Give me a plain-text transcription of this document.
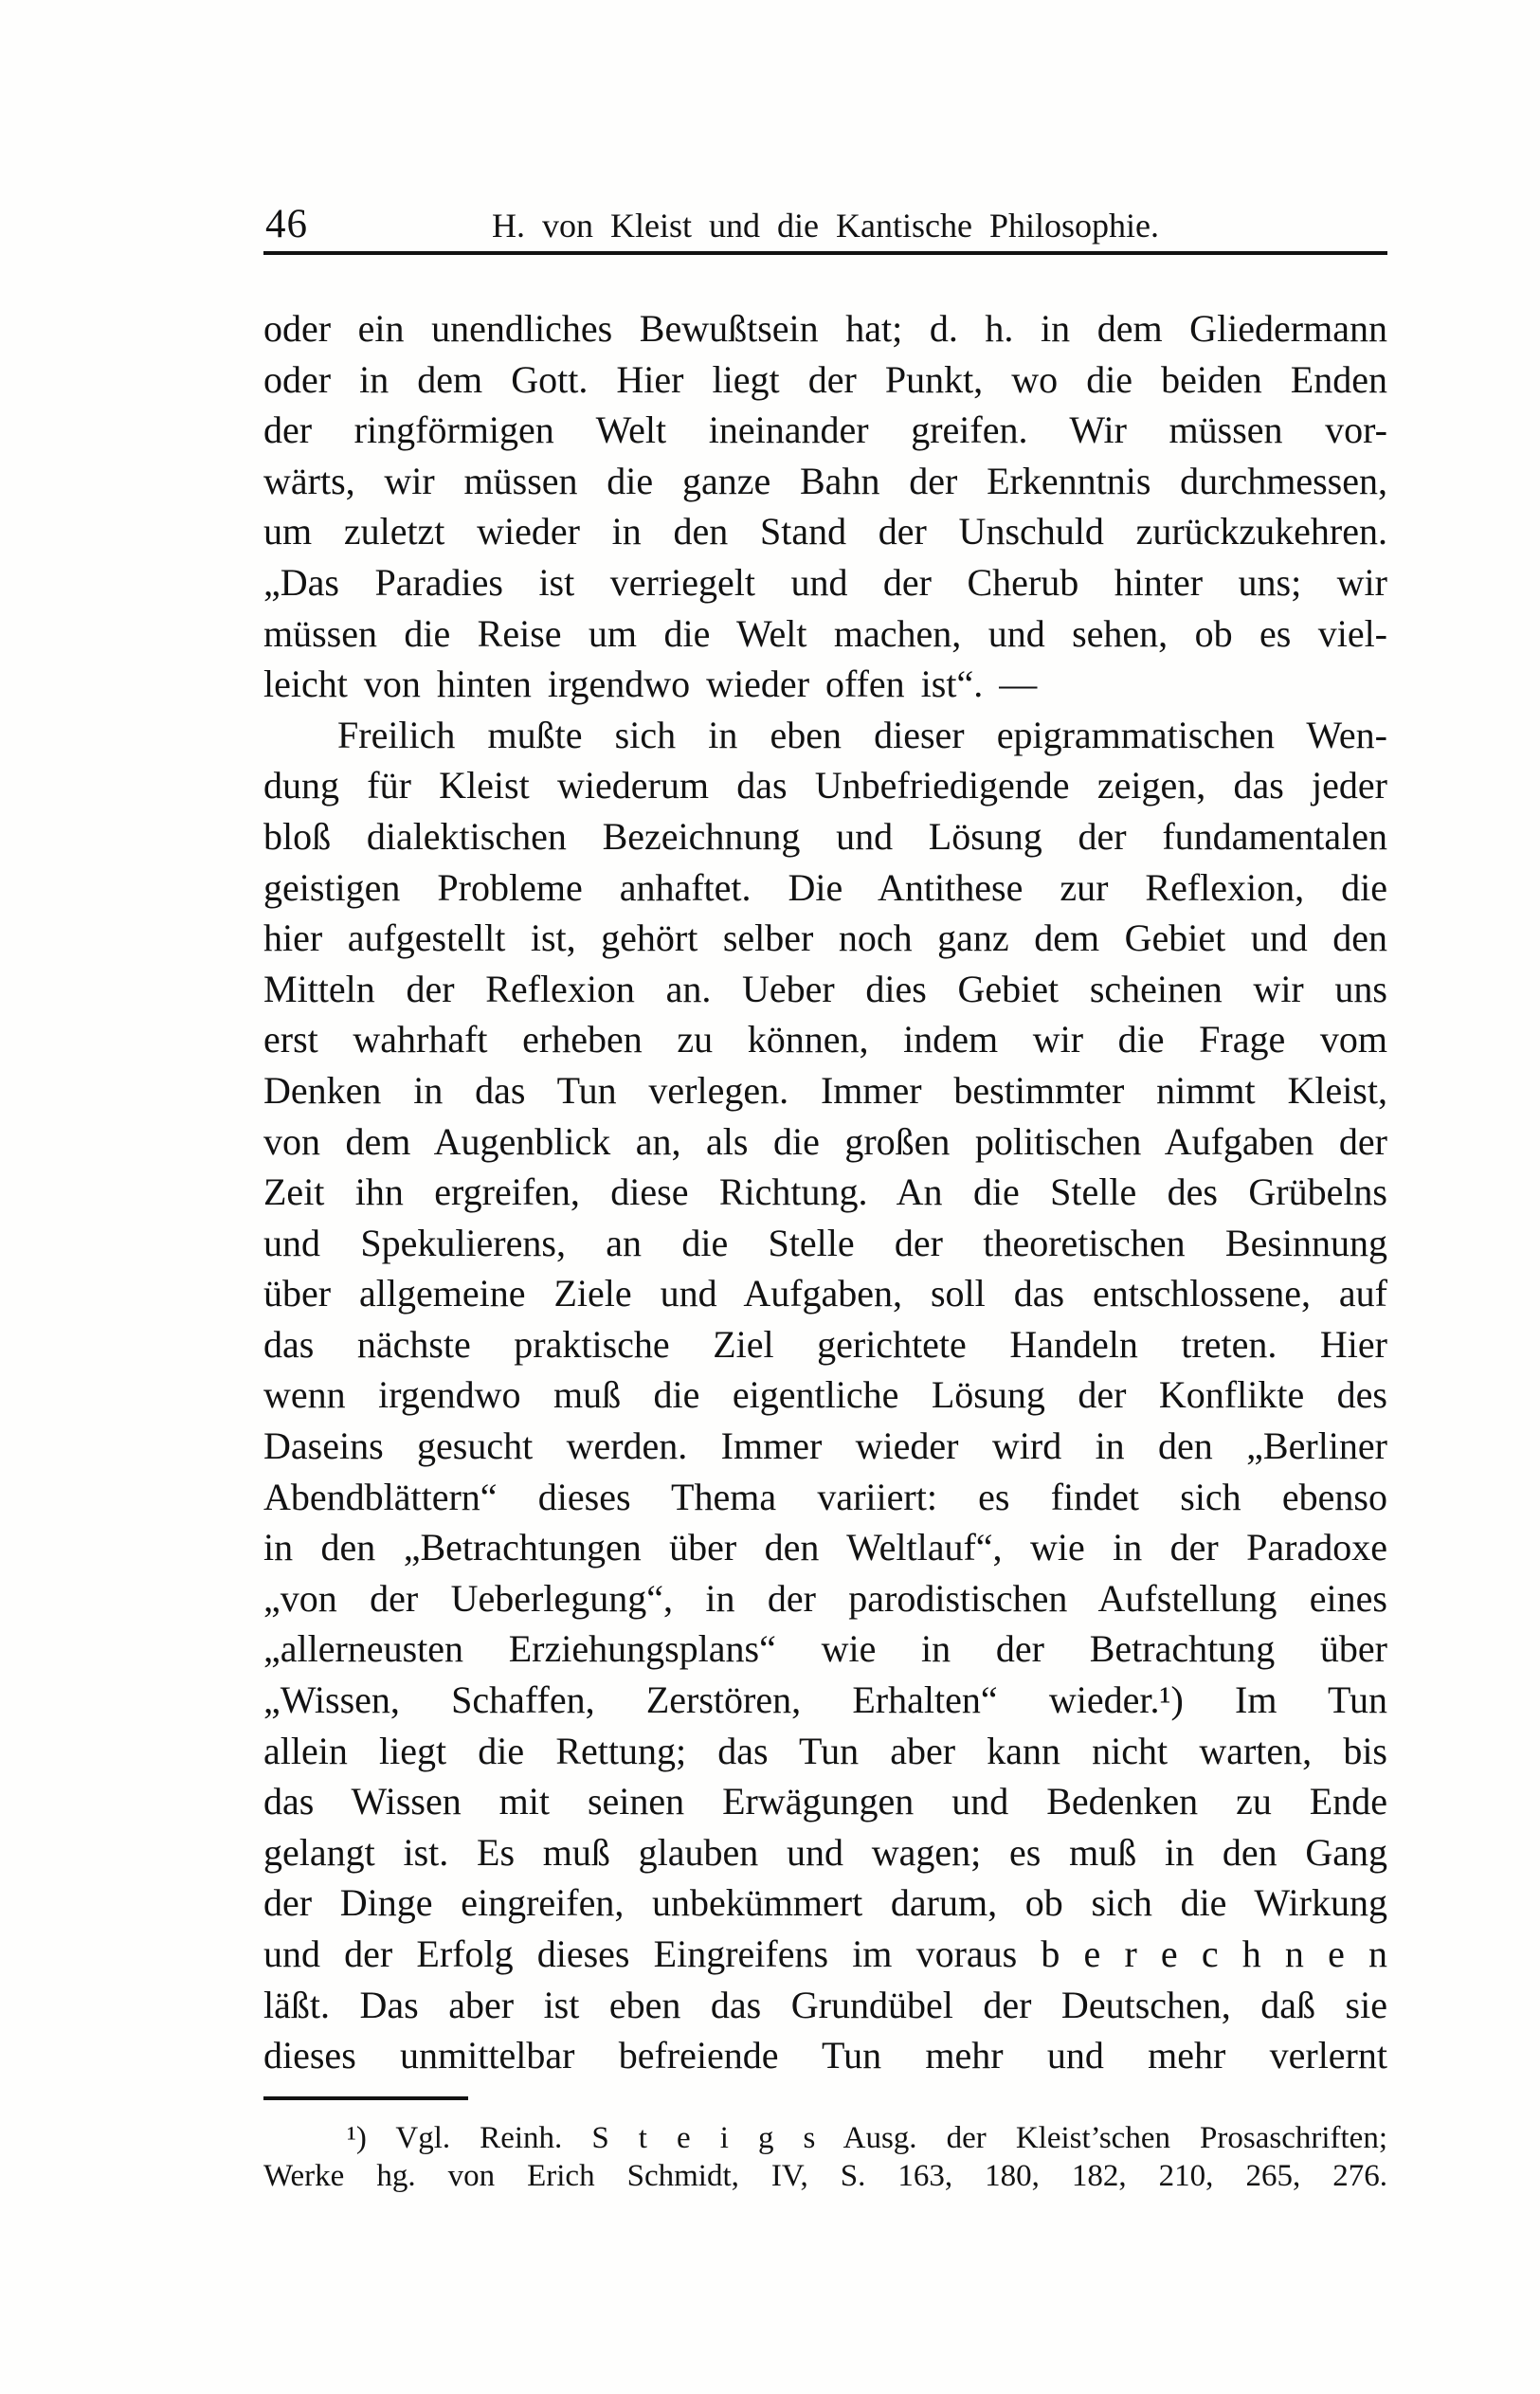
46	H. von Kleist und die Kantische Philosophie.
oder ein unendliches Bewußtsein hat; d. h. in dem Gliedermann
oder in dem Gott. Hier liegt der Punkt, wo die beiden Enden
der ringförmigen Welt ineinander greifen. Wir müssen vor-
wärts, wir müssen die ganze Bahn der Erkenntnis durchmessen,
um zuletzt wieder in den Stand der Unschuld zurückzukehren.
„Das Paradies ist verriegelt und der Cherub hinter uns; wir
müssen die Reise um die Welt machen, und sehen, ob es viel-
leicht von hinten irgendwo wieder offen ist“. —
Freilich mußte sich in eben dieser epigrammatischen Wen-
dung für Kleist wiederum das Unbefriedigende zeigen, das jeder
bloß dialektischen Bezeichnung und Lösung der fundamentalen
geistigen Probleme anhaftet. Die Antithese zur Reflexion, die
hier aufgestellt ist, gehört selber noch ganz dem Gebiet und den
Mitteln der Reflexion an. Ueber dies Gebiet scheinen wir uns
erst wahrhaft erheben zu können, indem wir die Frage vom
Denken in das Tun verlegen. Immer bestimmter nimmt Kleist,
von dem Augenblick an, als die großen politischen Aufgaben der
Zeit ihn ergreifen, diese Richtung. An die Stelle des Grübelns
und Spekulierens, an die Stelle der theoretischen Besinnung
über allgemeine Ziele und Aufgaben, soll das entschlossene, auf
das nächste praktische Ziel gerichtete Handeln treten. Hier
wenn irgendwo muß die eigentliche Lösung der Konflikte des
Daseins gesucht werden. Immer wieder wird in den „Berliner
Abendblättern“ dieses Thema variiert: es findet sich ebenso
in den „Betrachtungen über den Weltlauf“, wie in der Paradoxe
„von der Ueberlegung“, in der parodistischen Aufstellung eines
„allerneusten Erziehungsplans“ wie in der Betrachtung über
„Wissen, Schaffen, Zerstören, Erhalten“ wieder.¹) Im Tun
allein liegt die Rettung; das Tun aber kann nicht warten, bis
das Wissen mit seinen Erwägungen und Bedenken zu Ende
gelangt ist. Es muß glauben und wagen; es muß in den Gang
der Dinge eingreifen, unbekümmert darum, ob sich die Wirkung
und der Erfolg dieses Eingreifens im voraus b e r e c h n e n
läßt. Das aber ist eben das Grundübel der Deutschen, daß sie
dieses unmittelbar befreiende Tun mehr und mehr verlernt
¹) Vgl. Reinh. S t e i g s Ausg. der Kleist’schen Prosaschriften;
Werke hg. von Erich Schmidt, IV, S. 163, 180, 182, 210, 265, 276.
